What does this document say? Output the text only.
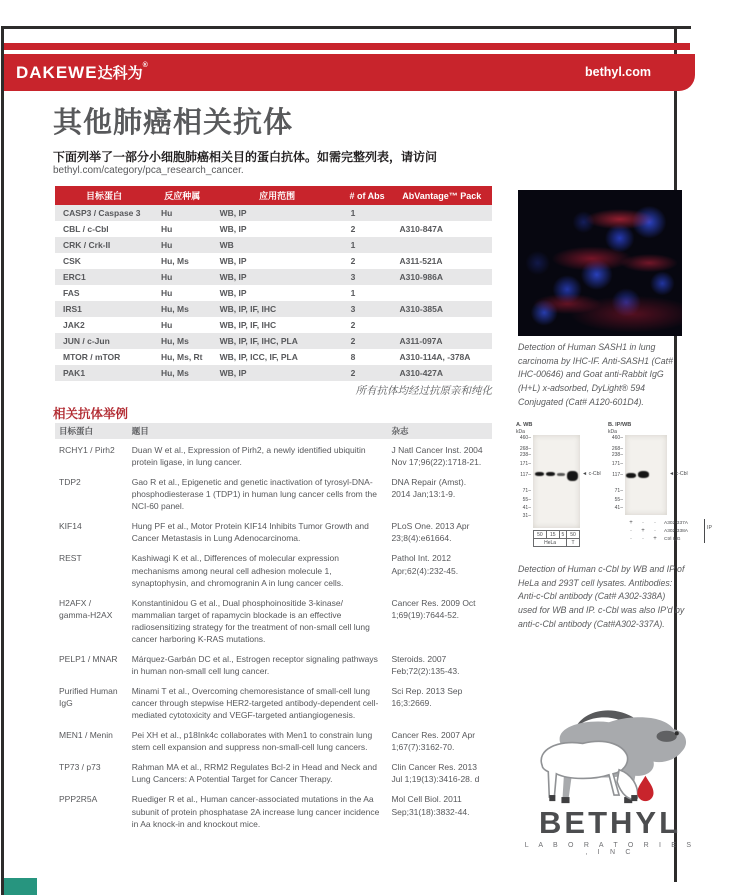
DAKEWE达科为®	bethyl.com
其他肺癌相关抗体
下面列举了一部分小细胞肺癌相关目的蛋白抗体。如需完整列表，请访问
bethyl.com/category/pca_research_cancer.
目标蛋白	反应种属	应用范围	# of Abs	AbVantage™ Pack
CASP3 / Caspase 3	Hu	WB, IP	1	
CBL / c-Cbl	Hu	WB, IP	2	A310-847A
CRK / Crk-II	Hu	WB	1	
CSK	Hu, Ms	WB, IP	2	A311-521A
ERC1	Hu	WB, IP	3	A310-986A
FAS	Hu	WB, IP	1	
IRS1	Hu, Ms	WB, IP, IF, IHC	3	A310-385A
JAK2	Hu	WB, IP, IF, IHC	2	
JUN / c-Jun	Hu, Ms	WB, IP, IF, IHC, PLA	2	A311-097A
MTOR / mTOR	Hu, Ms, Rt	WB, IP, ICC, IF, PLA	8	A310-114A, -378A
PAK1	Hu, Ms	WB, IP	2	A310-427A
所有抗体均经过抗原亲和纯化
相关抗体举例
目标蛋白	题目	杂志
RCHY1 / Pirh2	Duan W et al., Expression of Pirh2, a newly identified ubiquitin protein ligase, in lung cancer.	J Natl Cancer Inst. 2004 Nov 17;96(22):1718-21.
TDP2	Gao R et al., Epigenetic and genetic inactivation of tyrosyl-DNA-phosphodiesterase 1 (TDP1) in human lung cancer cells from the NCI-60 panel.	DNA Repair (Amst). 2014 Jan;13:1-9.
KIF14	Hung PF et al., Motor Protein KIF14 Inhibits Tumor Growth and Cancer Metastasis in Lung Adenocarcinoma.	PLoS One. 2013 Apr 23;8(4):e61664.
REST	Kashiwagi K et al., Differences of molecular expression mechanisms among neural cell adhesion molecule 1, synaptophysin, and chromogranin A in lung cancer cells.	Pathol Int. 2012 Apr;62(4):232-45.
H2AFX / gamma-H2AX	Konstantinidou G et al., Dual phosphoinositide 3-kinase/ mammalian target of rapamycin blockade is an effective radiosensitizing strategy for the treatment of non-small cell lung cancer harboring K-RAS mutations.	Cancer Res. 2009 Oct 1;69(19):7644-52.
PELP1 / MNAR	Márquez-Garbán DC et al., Estrogen receptor signaling pathways in human non-small cell lung cancer.	Steroids. 2007 Feb;72(2):135-43.
Purified Human IgG	Minami T et al., Overcoming chemoresistance of small-cell lung cancer through stepwise HER2-targeted antibody-dependent cell-mediated cytotoxicity and VEGF-targeted antiangiogenesis.	Sci Rep. 2013 Sep 16;3:2669.
MEN1 / Menin	Pei XH et al., p18Ink4c collaborates with Men1 to constrain lung stem cell expansion and suppress non-small-cell lung cancers.	Cancer Res. 2007 Apr 1;67(7):3162-70.
TP73 / p73	Rahman MA et al., RRM2 Regulates Bcl-2 in Head and Neck and Lung Cancers: A Potential Target for Cancer Therapy.	Clin Cancer Res. 2013 Jul 1;19(13):3416-28. d
PPP2R5A	Ruediger R et al., Human cancer-associated mutations in the Aa subunit of protein phosphatase 2A increase lung cancer incidence in Aa knock-in and knockout mice.	Mol Cell Biol. 2011 Sep;31(18):3832-44.
Detection of Human SASH1 in lung carcinoma by IHC-IF. Anti-SASH1 (Cat# IHC-00646) and Goat anti-Rabbit IgG (H+L) x-adsorbed, DyLight® 594 Conjugated (Cat# A120-601D4).
A. WB
kDa
460 –
268 –
238 –
171 –
117 –
71 –
55 –
41 –
31 –
◄ c-Cbl
50	15	5	50
HeLa			T
B. IP/WB
kDa
460 –
268 –
238 –
171 –
117 –
71 –
55 –
41 –
◄ c-Cbl
+	·	·	A302-337A
·	+	·	A302-338A
·	·	+	Ctrl IgG
IP
Detection of Human c-Cbl by WB and IP of HeLa and 293T cell lysates. Antibodies: Anti-c-Cbl antibody (Cat# A302-338A) used for WB and IP. c-Cbl was also IP'd by anti-c-Cbl antibody (Cat#A302-337A).
BETHYL
L A B O R A T O R I E S , I N C
